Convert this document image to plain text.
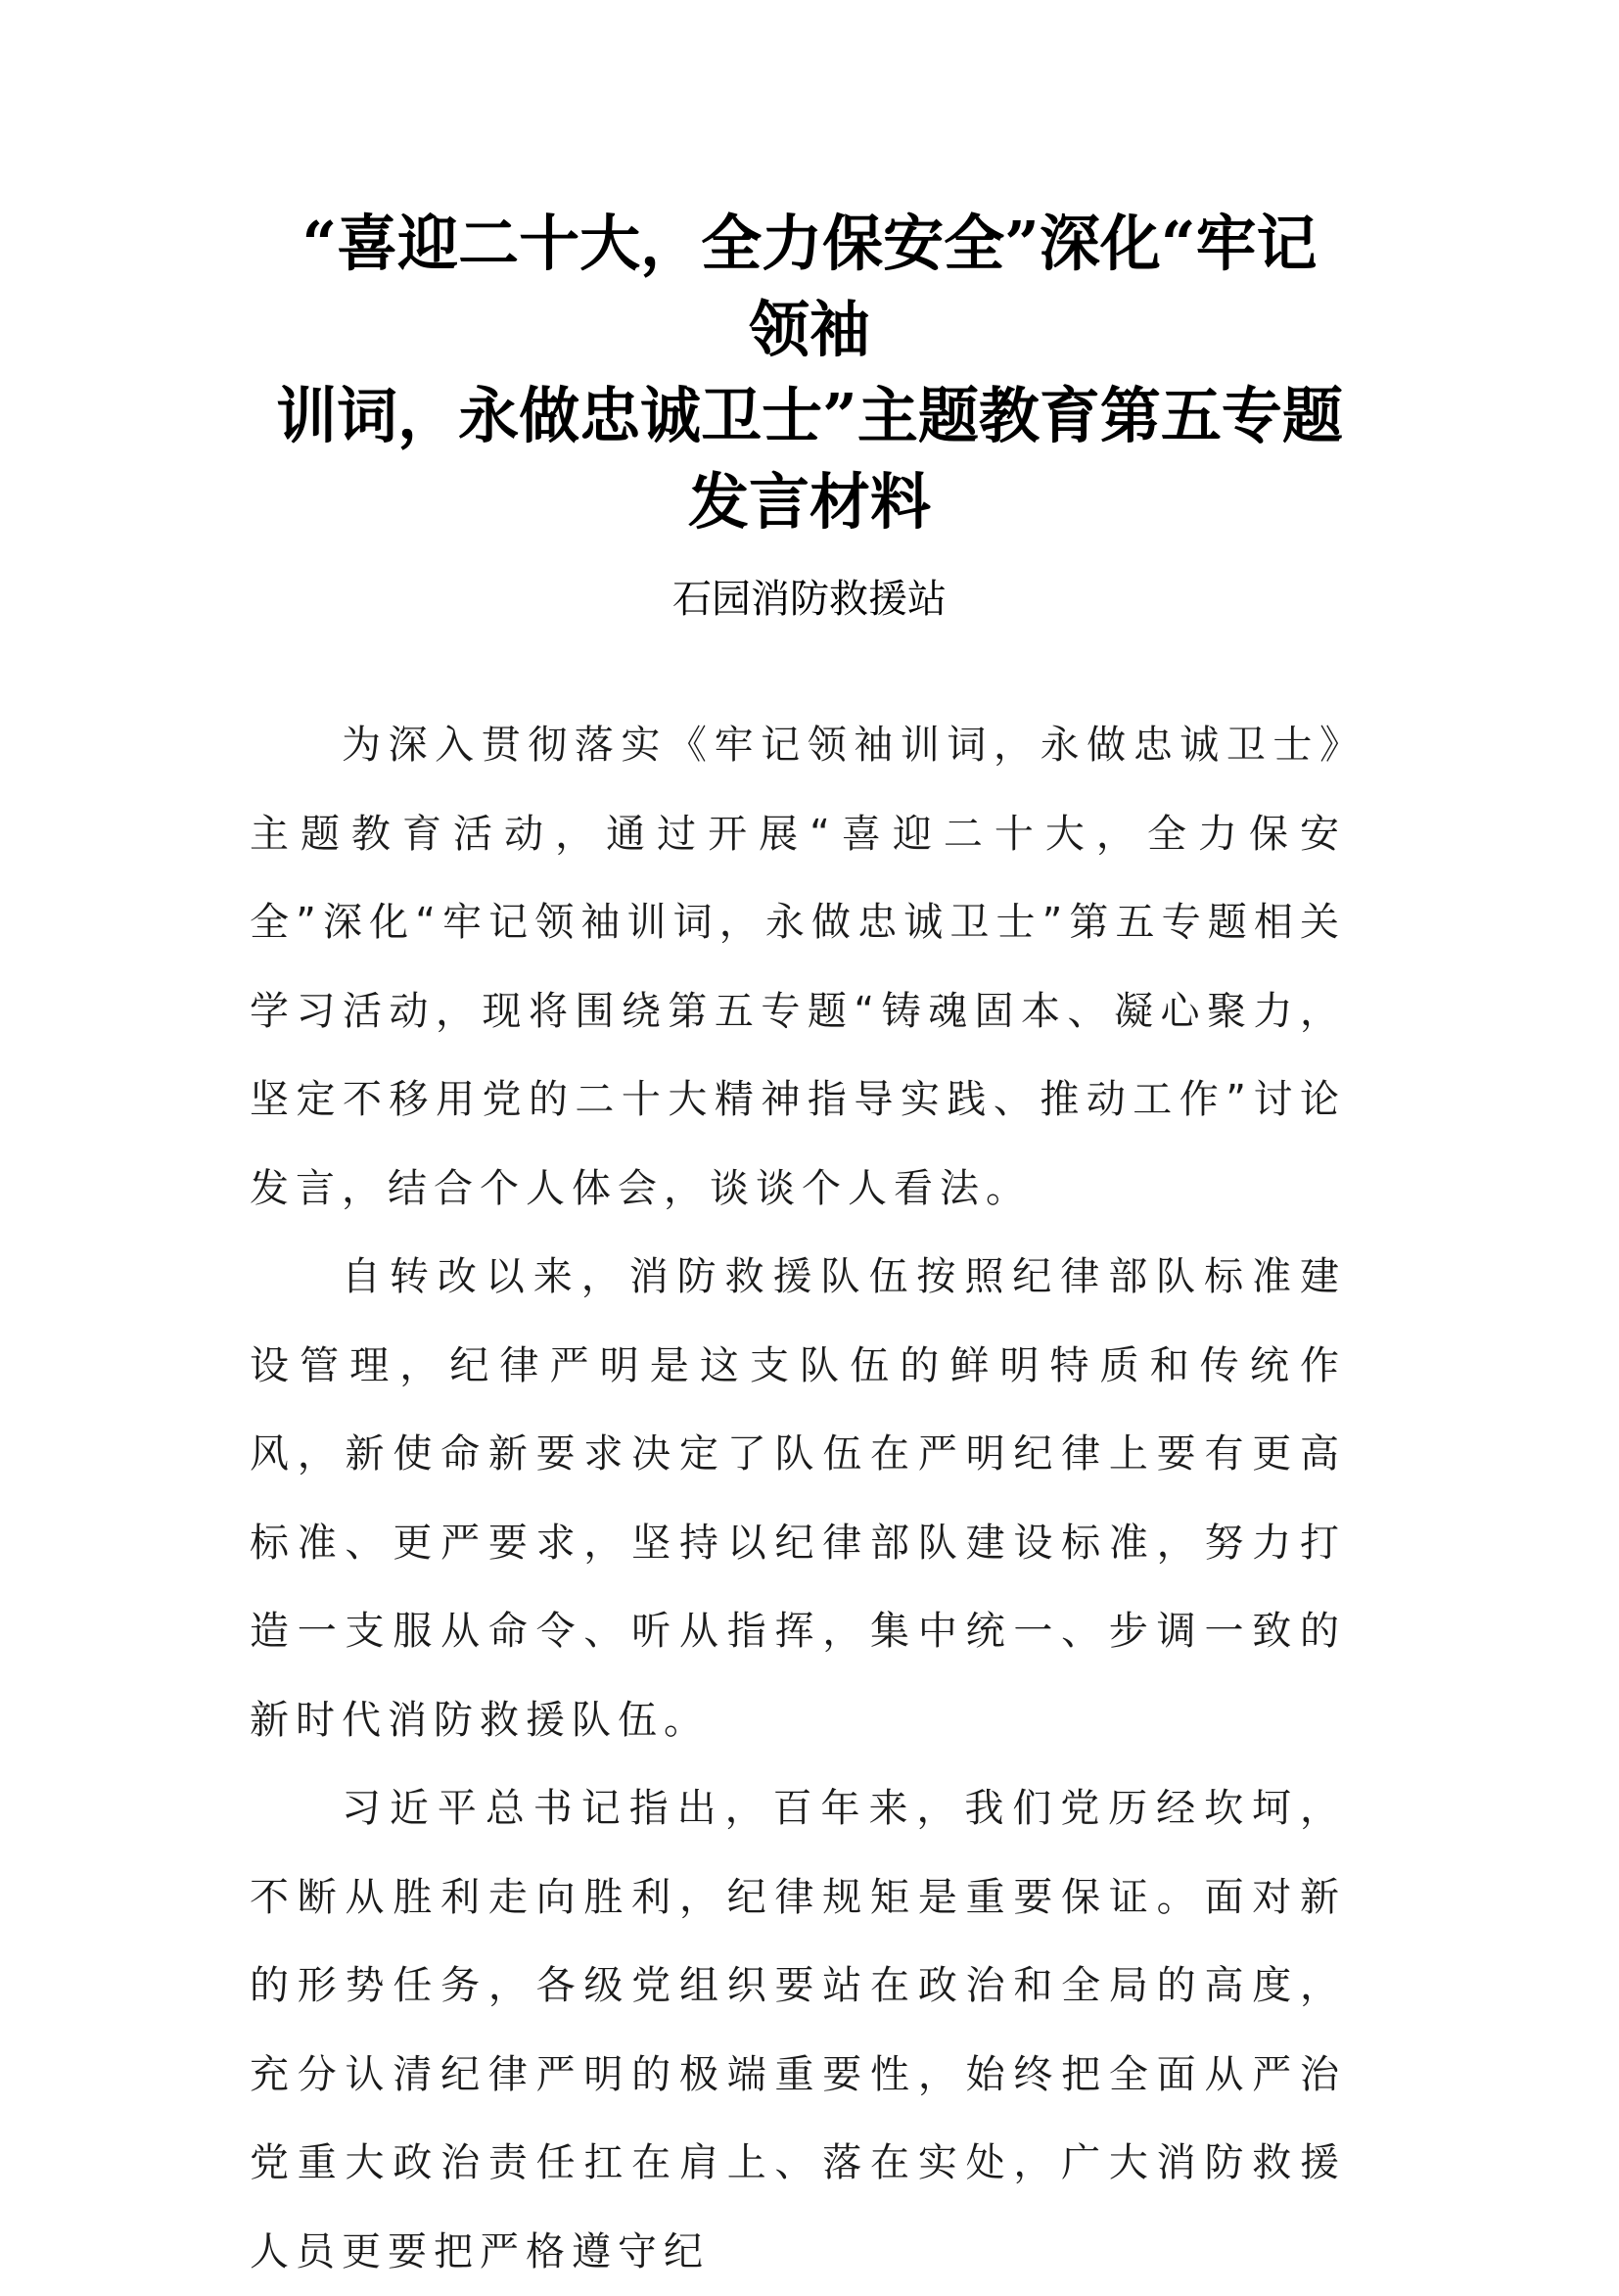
“喜迎二十大，全力保安全”深化“牢记
领袖
训词，永做忠诚卫士”主题教育第五专题
发言材料
石园消防救援站

为深入贯彻落实《牢记领袖训词，永做忠诚卫士》主题教育活动，通过开展“喜迎二十大，全力保安全”深化“牢记领袖训词，永做忠诚卫士”第五专题相关学习活动，现将围绕第五专题“铸魂固本、凝心聚力，坚定不移用党的二十大精神指导实践、推动工作”讨论发言，结合个人体会，谈谈个人看法。

自转改以来，消防救援队伍按照纪律部队标准建设管理，纪律严明是这支队伍的鲜明特质和传统作风，新使命新要求决定了队伍在严明纪律上要有更高标准、更严要求，坚持以纪律部队建设标准，努力打造一支服从命令、听从指挥，集中统一、步调一致的新时代消防救援队伍。

习近平总书记指出，百年来，我们党历经坎坷，不断从胜利走向胜利，纪律规矩是重要保证。面对新的形势任务，各级党组织要站在政治和全局的高度，充分认清纪律严明的极端重要性，始终把全面从严治党重大政治责任扛在肩上、落在实处，广大消防救援人员更要把严格遵守纪
